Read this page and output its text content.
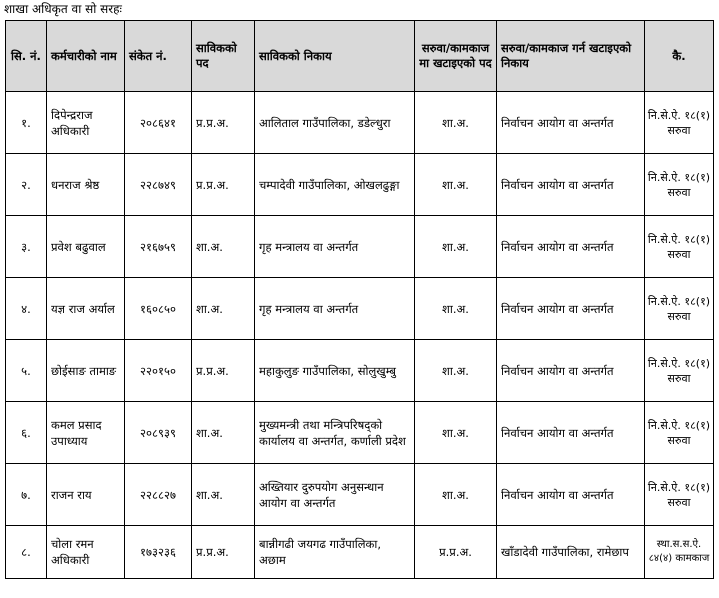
शाखा अधिकृत वा सो सरहः
सि. नं.	कर्मचारीको नाम	संकेत नं.	साविकको पद	साविकको निकाय	सरुवा/कामकाज मा खटाइएको पद	सरुवा/कामकाज गर्न खटाइएको निकाय	कै.
१.	दिपेन्द्रराज अधिकारी	२०८६४१	प्र.प्र.अ.	आलिताल गाउँपालिका, डडेल्धुरा	शा.अ.	निर्वाचन आयोग वा अन्तर्गत	नि.से.ऐ. १८(१) सरुवा
२.	धनराज श्रेष्ठ	२२८७४९	प्र.प्र.अ.	चम्पादेवी गाउँपालिका, ओखलढुङ्गा	शा.अ.	निर्वाचन आयोग वा अन्तर्गत	नि.से.ऐ. १८(१) सरुवा
३.	प्रवेश बढुवाल	२१६७५९	शा.अ.	गृह मन्त्रालय वा अन्तर्गत	शा.अ.	निर्वाचन आयोग वा अन्तर्गत	नि.से.ऐ. १८(१) सरुवा
४.	यज्ञ राज अर्याल	१६०८५०	शा.अ.	गृह मन्त्रालय वा अन्तर्गत	शा.अ.	निर्वाचन आयोग वा अन्तर्गत	नि.से.ऐ. १८(१) सरुवा
५.	छोईसाङ तामाङ	२२०१५०	प्र.प्र.अ.	महाकुलुङ गाउँपालिका, सोलुखुम्बु	शा.अ.	निर्वाचन आयोग वा अन्तर्गत	नि.से.ऐ. १८(१) सरुवा
६.	कमल प्रसाद उपाध्याय	२०८९३९	शा.अ.	मुख्यमन्त्री तथा मन्त्रिपरिषद्को कार्यालय वा अन्तर्गत, कर्णाली प्रदेश	शा.अ.	निर्वाचन आयोग वा अन्तर्गत	नि.से.ऐ. १८(१) सरुवा
७.	राजन राय	२२८८२७	शा.अ.	अख्तियार दुरुपयोग अनुसन्धान आयोग वा अन्तर्गत	शा.अ.	निर्वाचन आयोग वा अन्तर्गत	नि.से.ऐ. १८(१) सरुवा
८.	चोला रमन अधिकारी	१७३२३६	प्र.प्र.अ.	बान्नीगढी जयगढ गाउँपालिका, अछाम	प्र.प्र.अ.	खाँडादेवी गाउँपालिका, रामेछाप	स्था.स.स.ऐ. ८४(४) कामकाज
